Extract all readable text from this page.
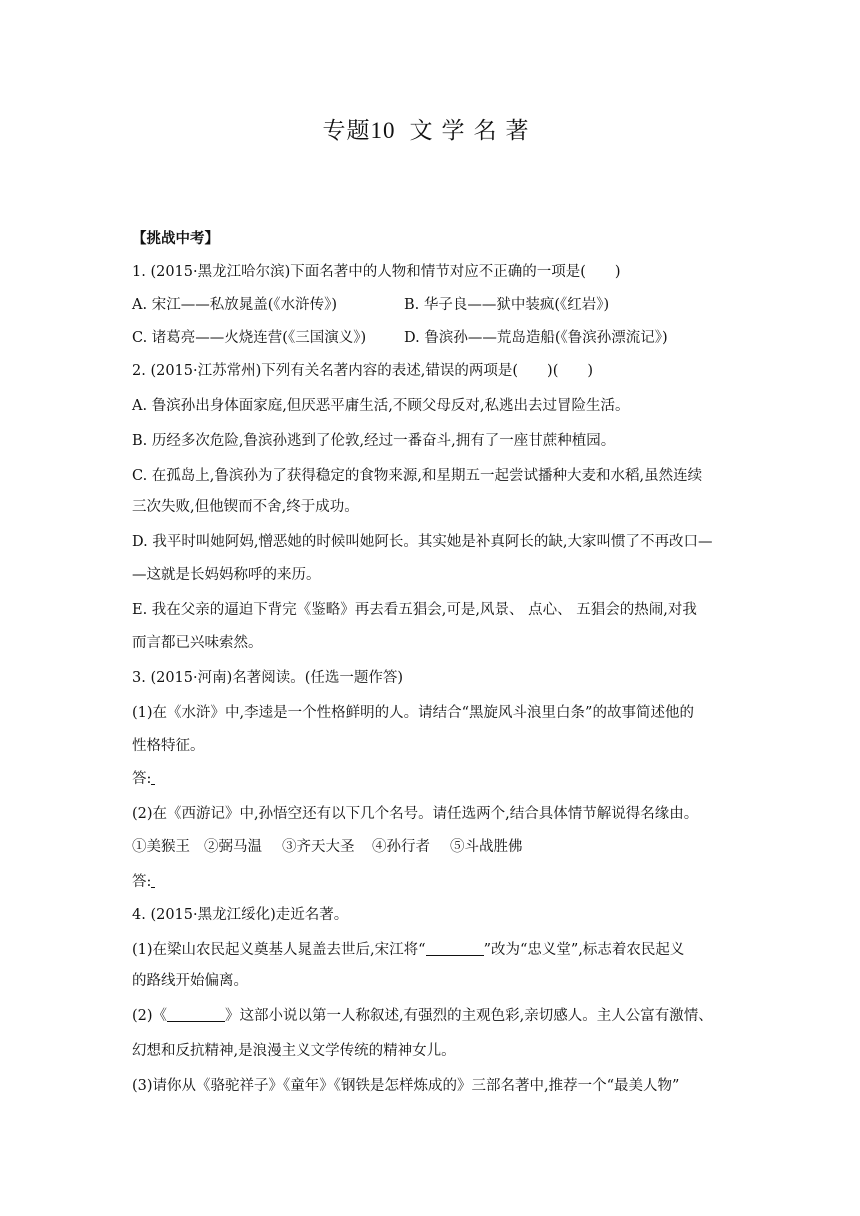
专题10 文学名著
【挑战中考】
1. (2015·黑龙江哈尔滨)下面名著中的人物和情节对应不正确的一项是(　　)
A. 宋江——私放晁盖(《水浒传》)	B. 华子良——狱中装疯(《红岩》)
C. 诸葛亮——火烧连营(《三国演义》)	D. 鲁滨孙——荒岛造船(《鲁滨孙漂流记》)
2. (2015·江苏常州)下列有关名著内容的表述,错误的两项是(　　)(　　)
A. 鲁滨孙出身体面家庭,但厌恶平庸生活,不顾父母反对,私逃出去过冒险生活。
B. 历经多次危险,鲁滨孙逃到了伦敦,经过一番奋斗,拥有了一座甘蔗种植园。
C. 在孤岛上,鲁滨孙为了获得稳定的食物来源,和星期五一起尝试播种大麦和水稻,虽然连续
三次失败,但他锲而不舍,终于成功。
D. 我平时叫她阿妈,憎恶她的时候叫她阿长。其实她是补真阿长的缺,大家叫惯了不再改口—
—这就是长妈妈称呼的来历。
E. 我在父亲的逼迫下背完《鉴略》再去看五猖会,可是,风景、 点心、 五猖会的热闹,对我
而言都已兴味索然。
3. (2015·河南)名著阅读。(任选一题作答)
(1)在《水浒》中,李逵是一个性格鲜明的人。请结合“黑旋风斗浪里白条”的故事简述他的
性格特征。
答:
(2)在《西游记》中,孙悟空还有以下几个名号。请任选两个,结合具体情节解说得名缘由。
①美猴王 ②弼马温 ③齐天大圣 ④孙行者 ⑤斗战胜佛
答:
4. (2015·黑龙江绥化)走近名著。
(1)在梁山农民起义奠基人晁盖去世后,宋江将“	”改为“忠义堂”,标志着农民起义
的路线开始偏离。
(2)《	》这部小说以第一人称叙述,有强烈的主观色彩,亲切感人。主人公富有激情、
幻想和反抗精神,是浪漫主义文学传统的精神女儿。
(3)请你从《骆驼祥子》《童年》《钢铁是怎样炼成的》三部名著中,推荐一个“最美人物”
